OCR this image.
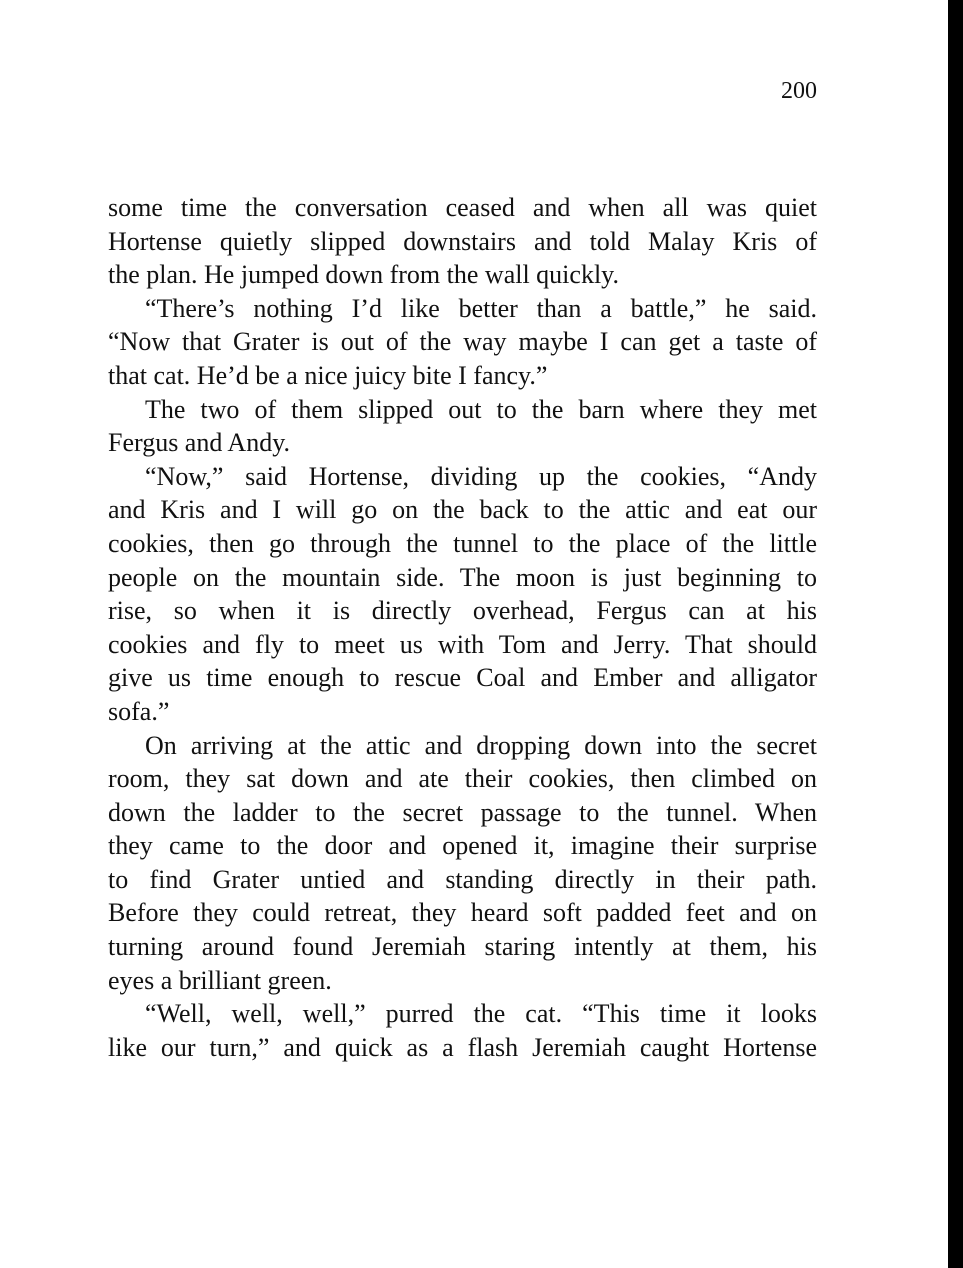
200
some time the conversation ceased and when all was quiet
Hortense quietly slipped downstairs and told Malay Kris of
the plan. He jumped down from the wall quickly.
“There’s nothing I’d like better than a battle,” he said.
“Now that Grater is out of the way maybe I can get a taste of
that cat. He’d be a nice juicy bite I fancy.”
The two of them slipped out to the barn where they met
Fergus and Andy.
“Now,” said Hortense, dividing up the cookies, “Andy
and Kris and I will go on the back to the attic and eat our
cookies, then go through the tunnel to the place of the little
people on the mountain side. The moon is just beginning to
rise, so when it is directly overhead, Fergus can at his
cookies and fly to meet us with Tom and Jerry. That should
give us time enough to rescue Coal and Ember and alligator
sofa.”
On arriving at the attic and dropping down into the secret
room, they sat down and ate their cookies, then climbed on
down the ladder to the secret passage to the tunnel. When
they came to the door and opened it, imagine their surprise
to find Grater untied and standing directly in their path.
Before they could retreat, they heard soft padded feet and on
turning around found Jeremiah staring intently at them, his
eyes a brilliant green.
“Well, well, well,” purred the cat. “This time it looks
like our turn,” and quick as a flash Jeremiah caught Hortense
